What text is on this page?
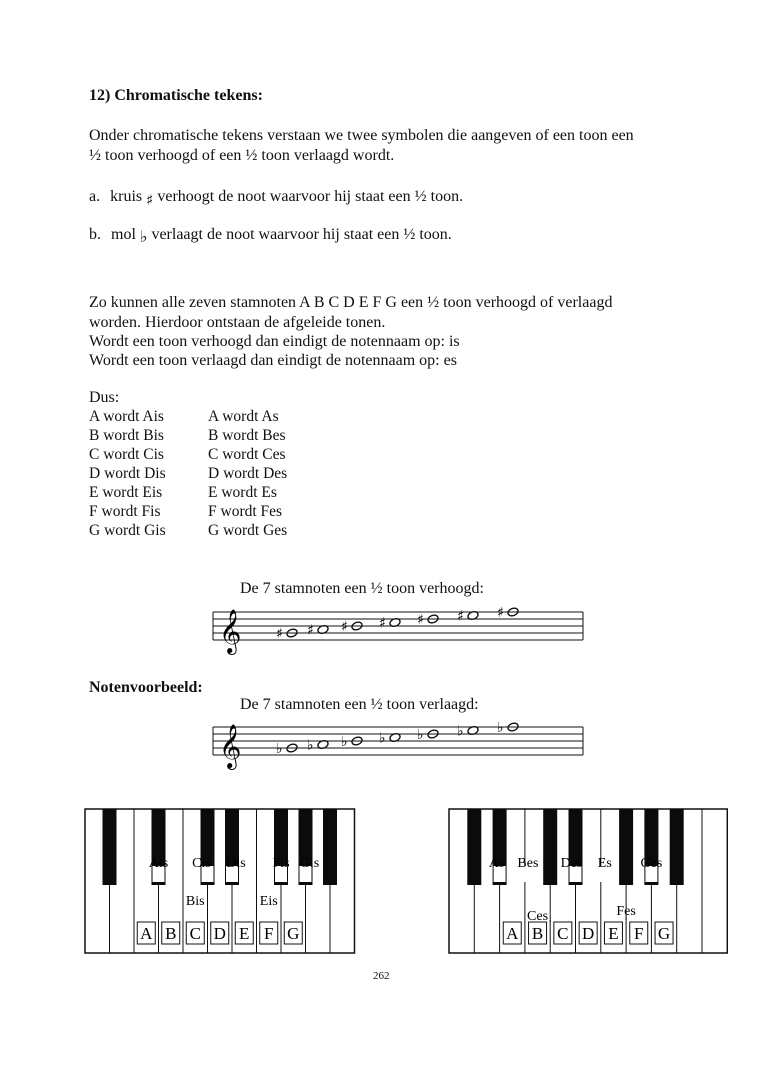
12) Chromatische tekens:
Onder chromatische tekens verstaan we twee symbolen die aangeven of een toon een
½ toon verhoogd of een ½ toon verlaagd wordt.
a. kruis ♯ verhoogt de noot waarvoor hij staat een ½ toon.
b. mol ♭ verlaagt de noot waarvoor hij staat een ½ toon.
Zo kunnen alle zeven stamnoten A B C D E F G een ½ toon verhoogd of verlaagd
worden. Hierdoor ontstaan de afgeleide tonen.
Wordt een toon verhoogd dan eindigt de notennaam op: is
Wordt een toon verlaagd dan eindigt de notennaam op: es
Dus:
A wordt Ais	A wordt As
B wordt Bis	B wordt Bes
C wordt Cis	C wordt Ces
D wordt Dis	D wordt Des
E wordt Eis	E wordt Es
F wordt Fis	F wordt Fes
G wordt Gis	G wordt Ges
De 7 stamnoten een ½ toon verhoogd:
𝄞 ♯ ♯ ♯ ♯ ♯ ♯ ♯
Notenvoorbeeld:
De 7 stamnoten een ½ toon verlaagd:
𝄞 ♭ ♭ ♭ ♭ ♭ ♭ ♭
A B C D E F G
Ais Cis Dis Fis Gis
Bis	Eis
A B C D E F G
As Bes Des Es Ges
Ces	Fes
262
